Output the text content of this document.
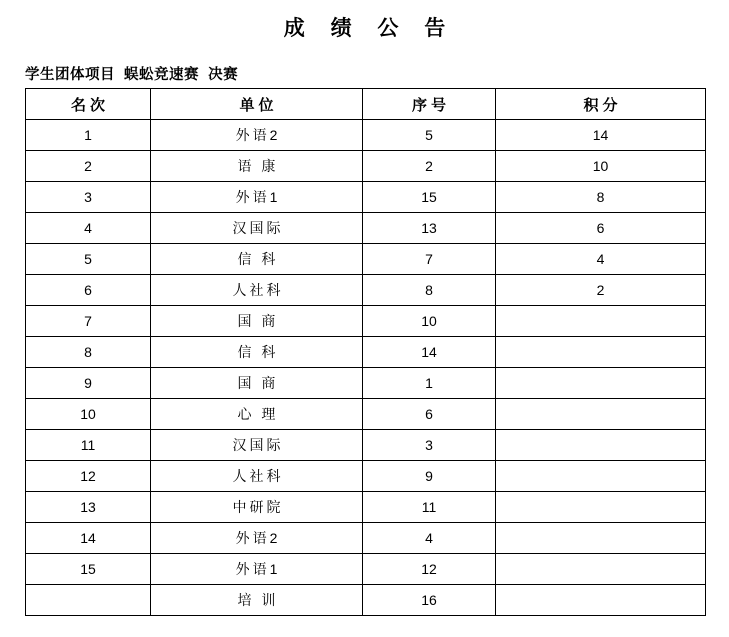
成 绩 公 告
学生团体项目  蜈蚣竞速赛  决赛
名次	单位	序号	积分
1	外语2	5	14
2	语 康	2	10
3	外语1	15	8
4	汉国际	13	6
5	信 科	7	4
6	人社科	8	2
7	国 商	10	
8	信 科	14	
9	国 商	1	
10	心 理	6	
11	汉国际	3	
12	人社科	9	
13	中研院	11	
14	外语2	4	
15	外语1	12	
	培 训	16	
